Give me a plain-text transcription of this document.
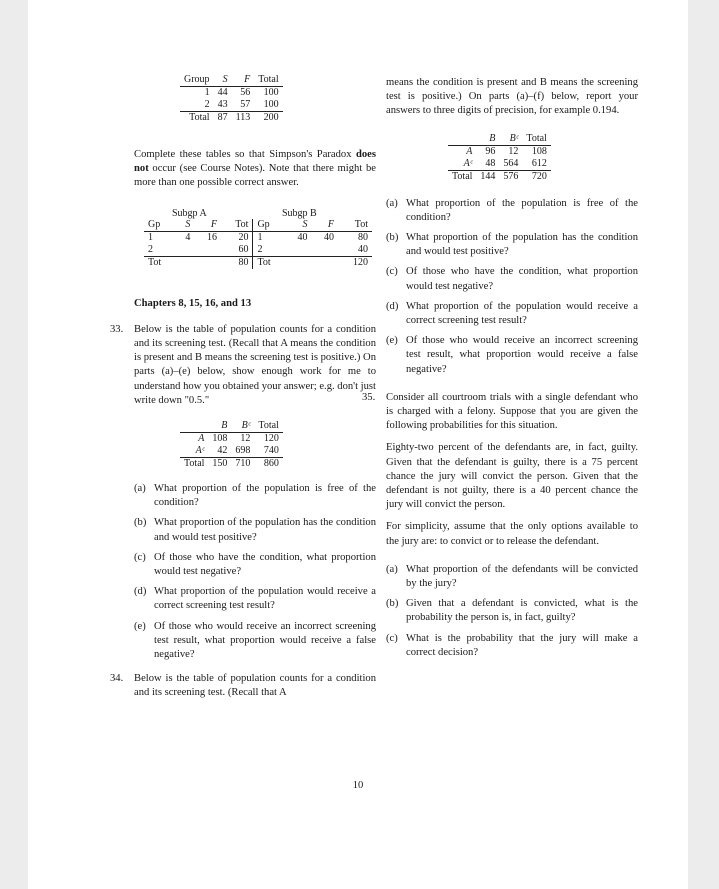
Group	S	F	Total
1	44	56	100
2	43	57	100
Total	87	113	200

Complete these tables so that Simpson's Paradox does not occur (see Course Notes). Note that there might be more than one possible correct answer.

Subgp A	Subgp B
Gp	S	F	Tot	Gp	S	F	Tot
1	4	16	20	1	40	40	80
2			60	2			40
Tot			80	Tot			120

Chapters 8, 15, 16, and 13

33. Below is the table of population counts for a condition and its screening test. (Recall that A means the condition is present and B means the screening test is positive.) On parts (a)–(e) below, show enough work for me to understand how you obtained your answer; e.g. don't just write down "0.5."

	B	Bᶜ	Total
A	108	12	120
Aᶜ	42	698	740
Total	150	710	860
(a) What proportion of the population is free of the condition?
(b) What proportion of the population has the condition and would test positive?
(c) Of those who have the condition, what proportion would test negative?
(d) What proportion of the population would receive a correct screening test result?
(e) Of those who would receive an incorrect screening test result, what proportion would receive a false negative?
34. Below is the table of population counts for a condition and its screening test. (Recall that A

means the condition is present and B means the screening test is positive.) On parts (a)–(f) below, report your answers to three digits of precision, for example 0.194.

	B	Bᶜ	Total
A	96	12	108
Aᶜ	48	564	612
Total	144	576	720
(a) What proportion of the population is free of the condition?
(b) What proportion of the population has the condition and would test positive?
(c) Of those who have the condition, what proportion would test negative?
(d) What proportion of the population would receive a correct screening test result?
(e) Of those who would receive an incorrect screening test result, what proportion would receive a false negative?
35. Consider all courtroom trials with a single defendant who is charged with a felony. Suppose that you are given the following probabilities for this situation.

Eighty-two percent of the defendants are, in fact, guilty. Given that the defendant is guilty, there is a 75 percent chance the jury will convict the person. Given that the defendant is not guilty, there is a 40 percent chance the jury will convict the person.

For simplicity, assume that the only options available to the jury are: to convict or to release the defendant.

(a) What proportion of the defendants will be convicted by the jury?
(b) Given that a defendant is convicted, what is the probability the person is, in fact, guilty?
(c) What is the probability that the jury will make a correct decision?
10
